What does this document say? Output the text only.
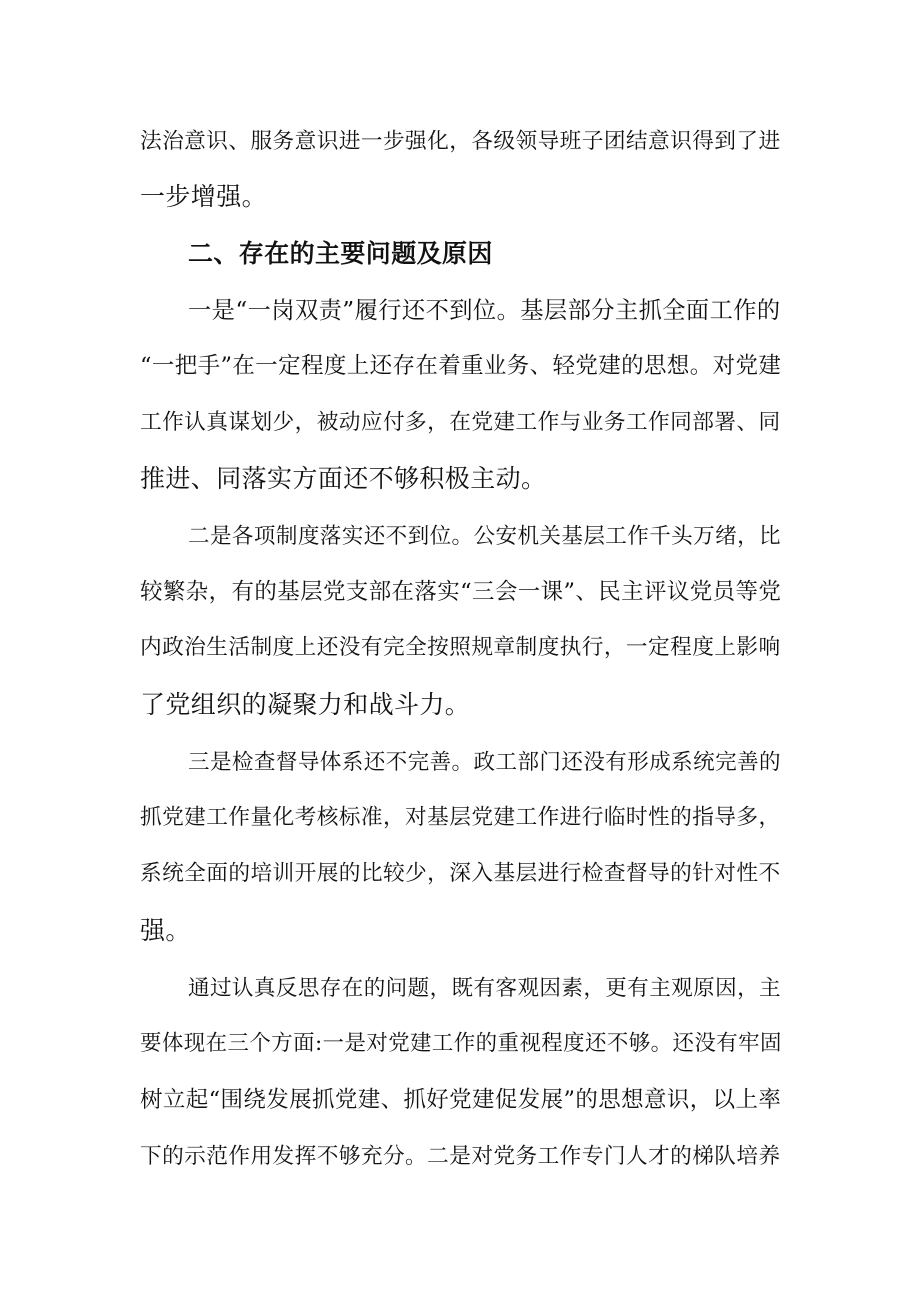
法治意识、服务意识进一步强化，各级领导班子团结意识得到了进
一步增强。
二、存在的主要问题及原因
一是“一岗双责”履行还不到位。基层部分主抓全面工作的
“一把手”在一定程度上还存在着重业务、轻党建的思想。对党建
工作认真谋划少，被动应付多，在党建工作与业务工作同部署、同
推进、同落实方面还不够积极主动。
二是各项制度落实还不到位。公安机关基层工作千头万绪，比
较繁杂，有的基层党支部在落实“三会一课”、民主评议党员等党
内政治生活制度上还没有完全按照规章制度执行，一定程度上影响
了党组织的凝聚力和战斗力。
三是检查督导体系还不完善。政工部门还没有形成系统完善的
抓党建工作量化考核标准，对基层党建工作进行临时性的指导多，
系统全面的培训开展的比较少，深入基层进行检查督导的针对性不
强。
通过认真反思存在的问题，既有客观因素，更有主观原因，主
要体现在三个方面:一是对党建工作的重视程度还不够。还没有牢固
树立起“围绕发展抓党建、抓好党建促发展”的思想意识，以上率
下的示范作用发挥不够充分。二是对党务工作专门人才的梯队培养
